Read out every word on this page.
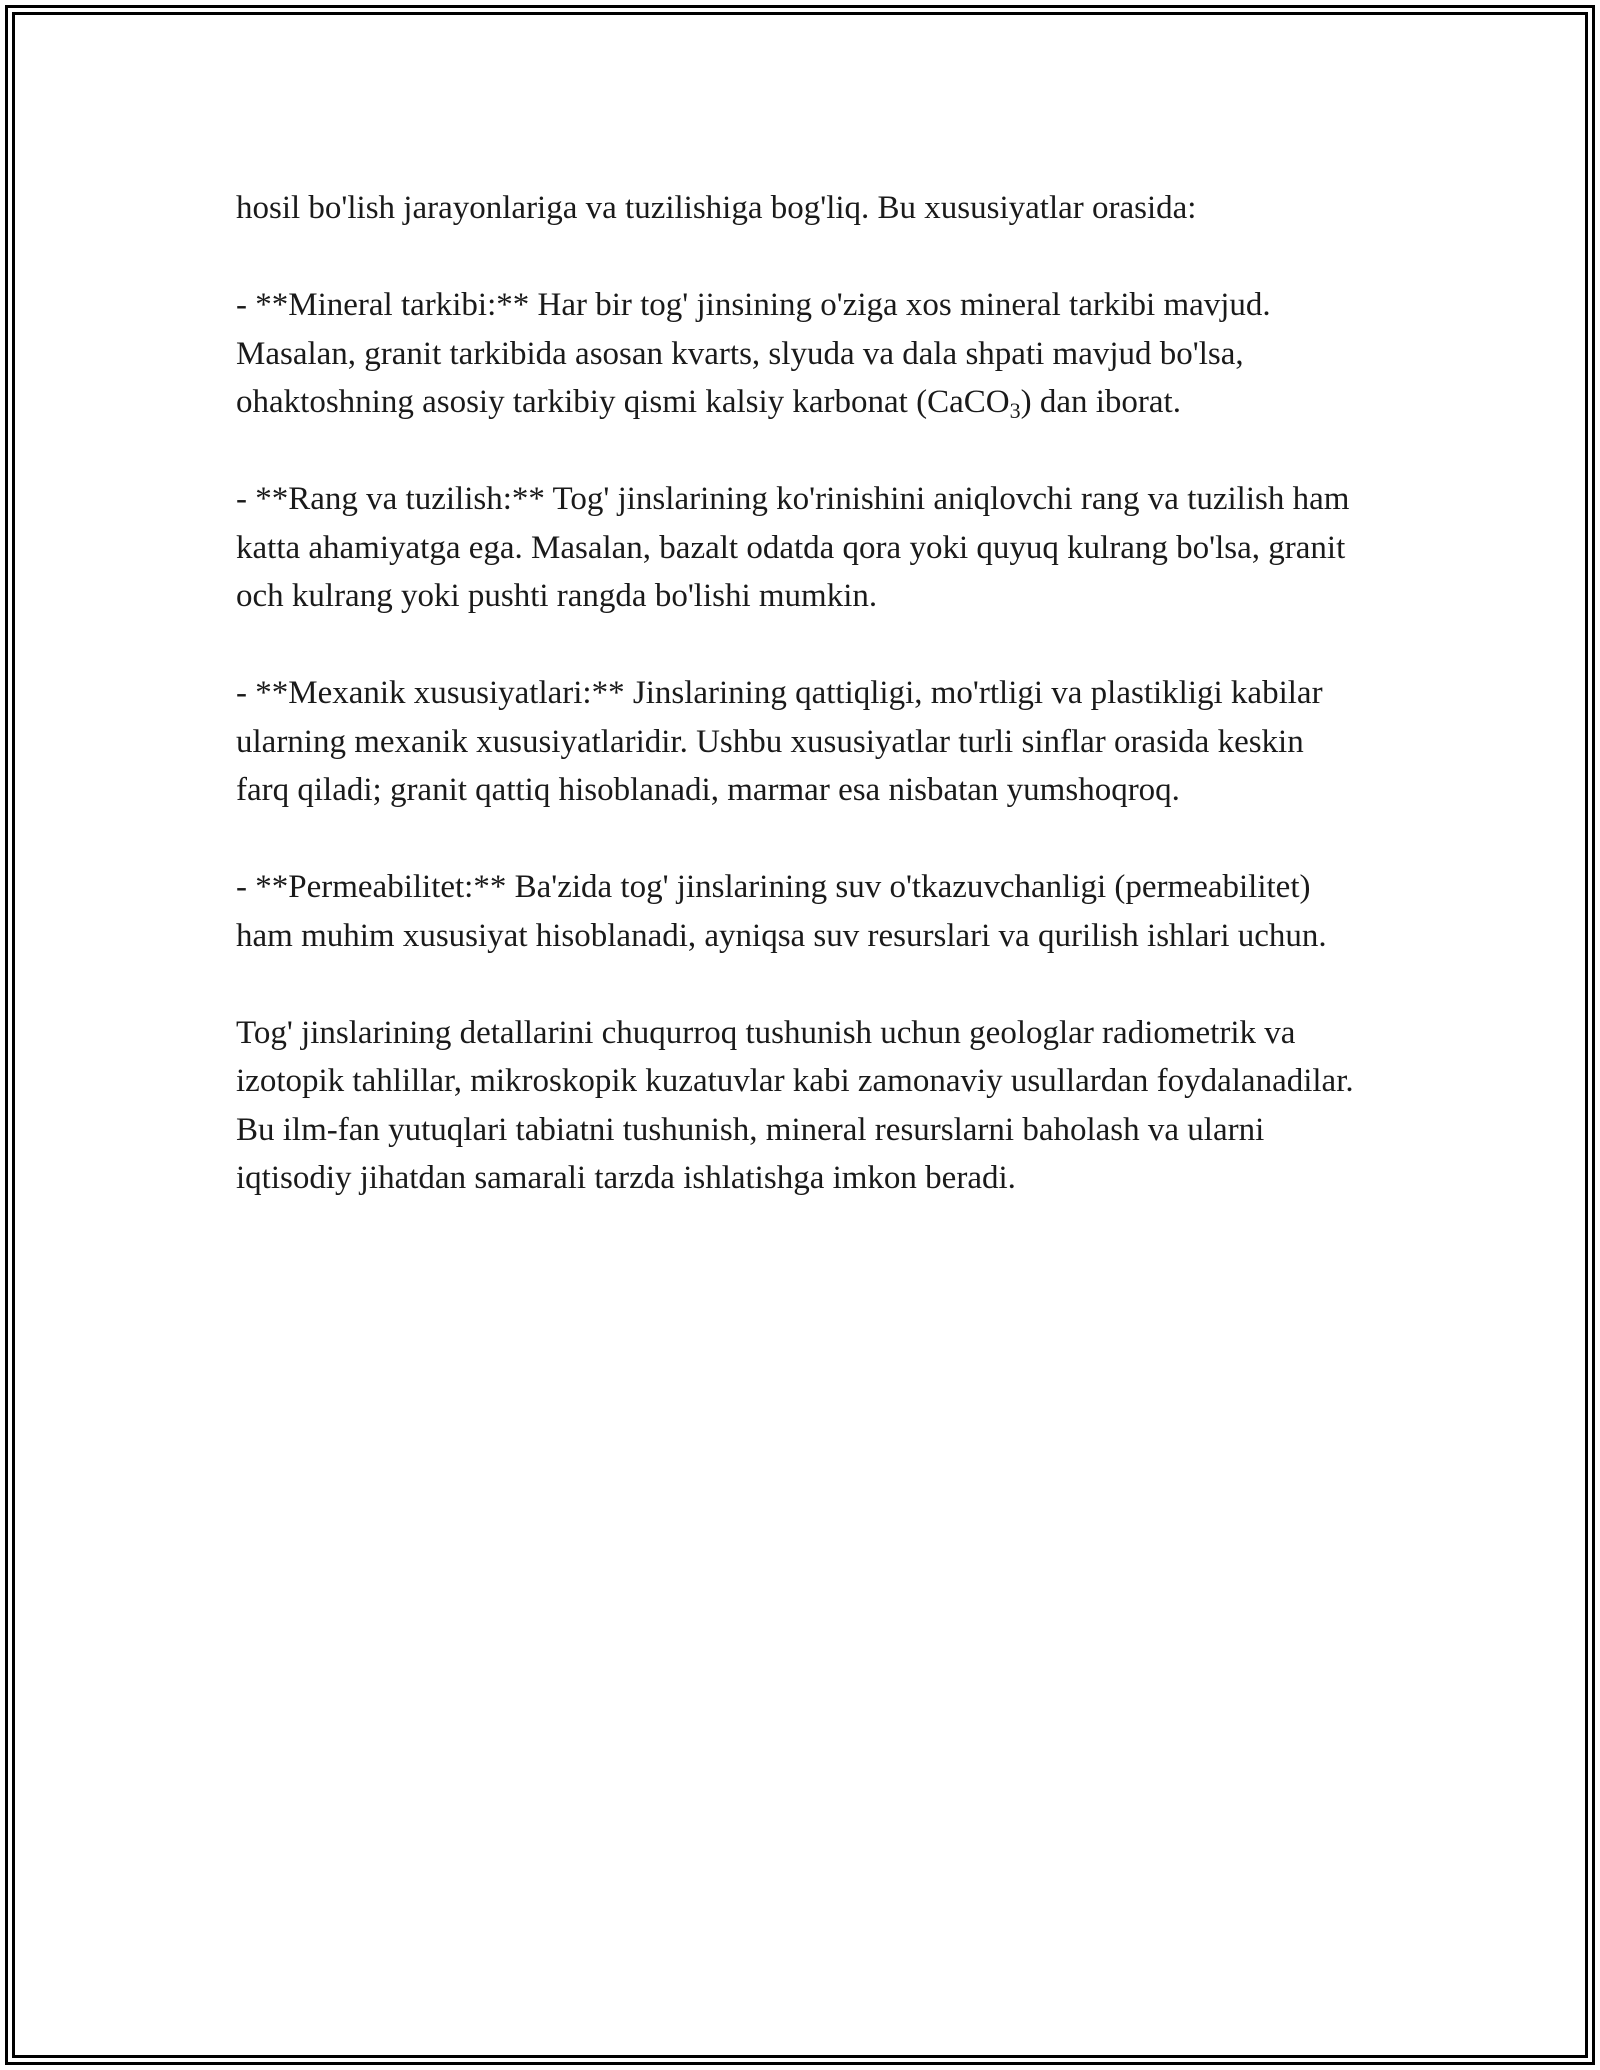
hosil bo'lish jarayonlariga va tuzilishiga bog'liq. Bu xususiyatlar orasida:

- **Mineral tarkibi:** Har bir tog' jinsining o'ziga xos mineral tarkibi mavjud. Masalan, granit tarkibida asosan kvarts, slyuda va dala shpati mavjud bo'lsa, ohaktoshning asosiy tarkibiy qismi kalsiy karbonat (CaCO$_3$) dan iborat.

- **Rang va tuzilish:** Tog' jinslarining ko'rinishini aniqlovchi rang va tuzilish ham katta ahamiyatga ega. Masalan, bazalt odatda qora yoki quyuq kulrang bo'lsa, granit och kulrang yoki pushti rangda bo'lishi mumkin.

- **Mexanik xususiyatlari:** Jinslarining qattiqligi, mo'rtligi va plastikligi kabilar ularning mexanik xususiyatlaridir. Ushbu xususiyatlar turli sinflar orasida keskin farq qiladi; granit qattiq hisoblanadi, marmar esa nisbatan yumshoqroq.

- **Permeabilitet:** Ba'zida tog' jinslarining suv o'tkazuvchanligi (permeabilitet) ham muhim xususiyat hisoblanadi, ayniqsa suv resurslari va qurilish ishlari uchun.

Tog' jinslarining detallarini chuqurroq tushunish uchun geologlar radiometrik va izotopik tahlillar, mikroskopik kuzatuvlar kabi zamonaviy usullardan foydalanadilar. Bu ilm-fan yutuqlari tabiatni tushunish, mineral resurslarni baholash va ularni iqtisodiy jihatdan samarali tarzda ishlatishga imkon beradi.
